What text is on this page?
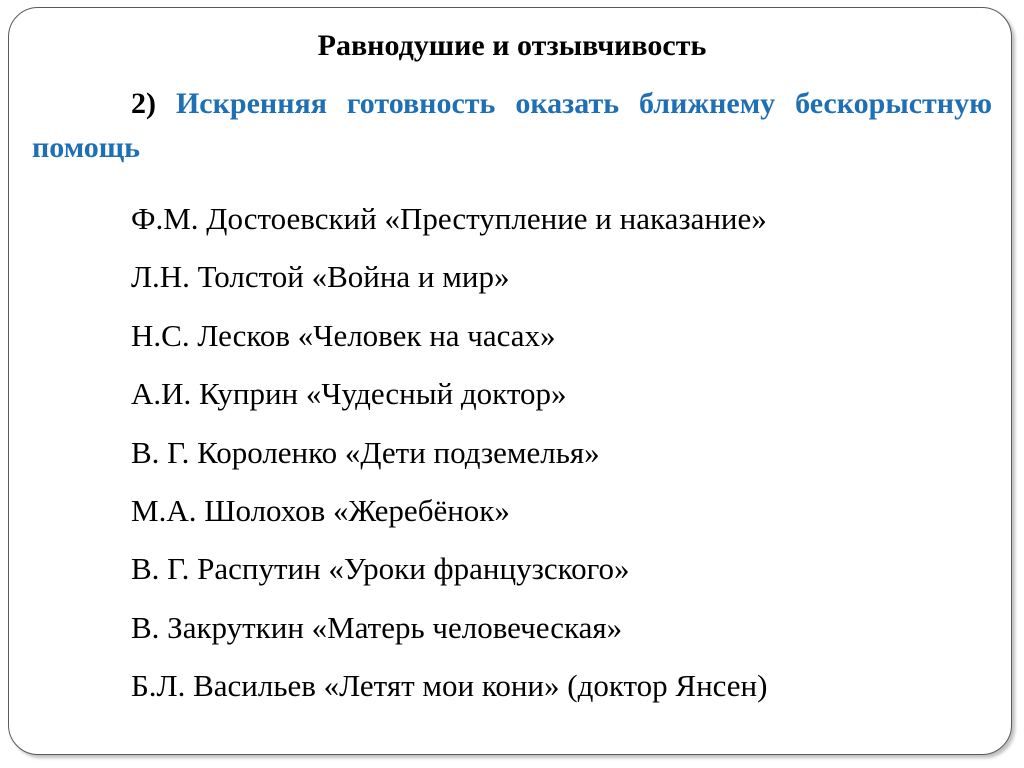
Равнодушие и отзывчивость
2) Искренняя готовность оказать ближнему бескорыстную помощь
Ф.М. Достоевский «Преступление и наказание»
Л.Н. Толстой «Война и мир»
Н.С. Лесков «Человек на часах»
А.И. Куприн «Чудесный доктор»
В. Г. Короленко «Дети подземелья»
М.А. Шолохов «Жеребёнок»
В. Г. Распутин «Уроки французского»
В. Закруткин «Матерь человеческая»
Б.Л. Васильев «Летят мои кони» (доктор Янсен)
